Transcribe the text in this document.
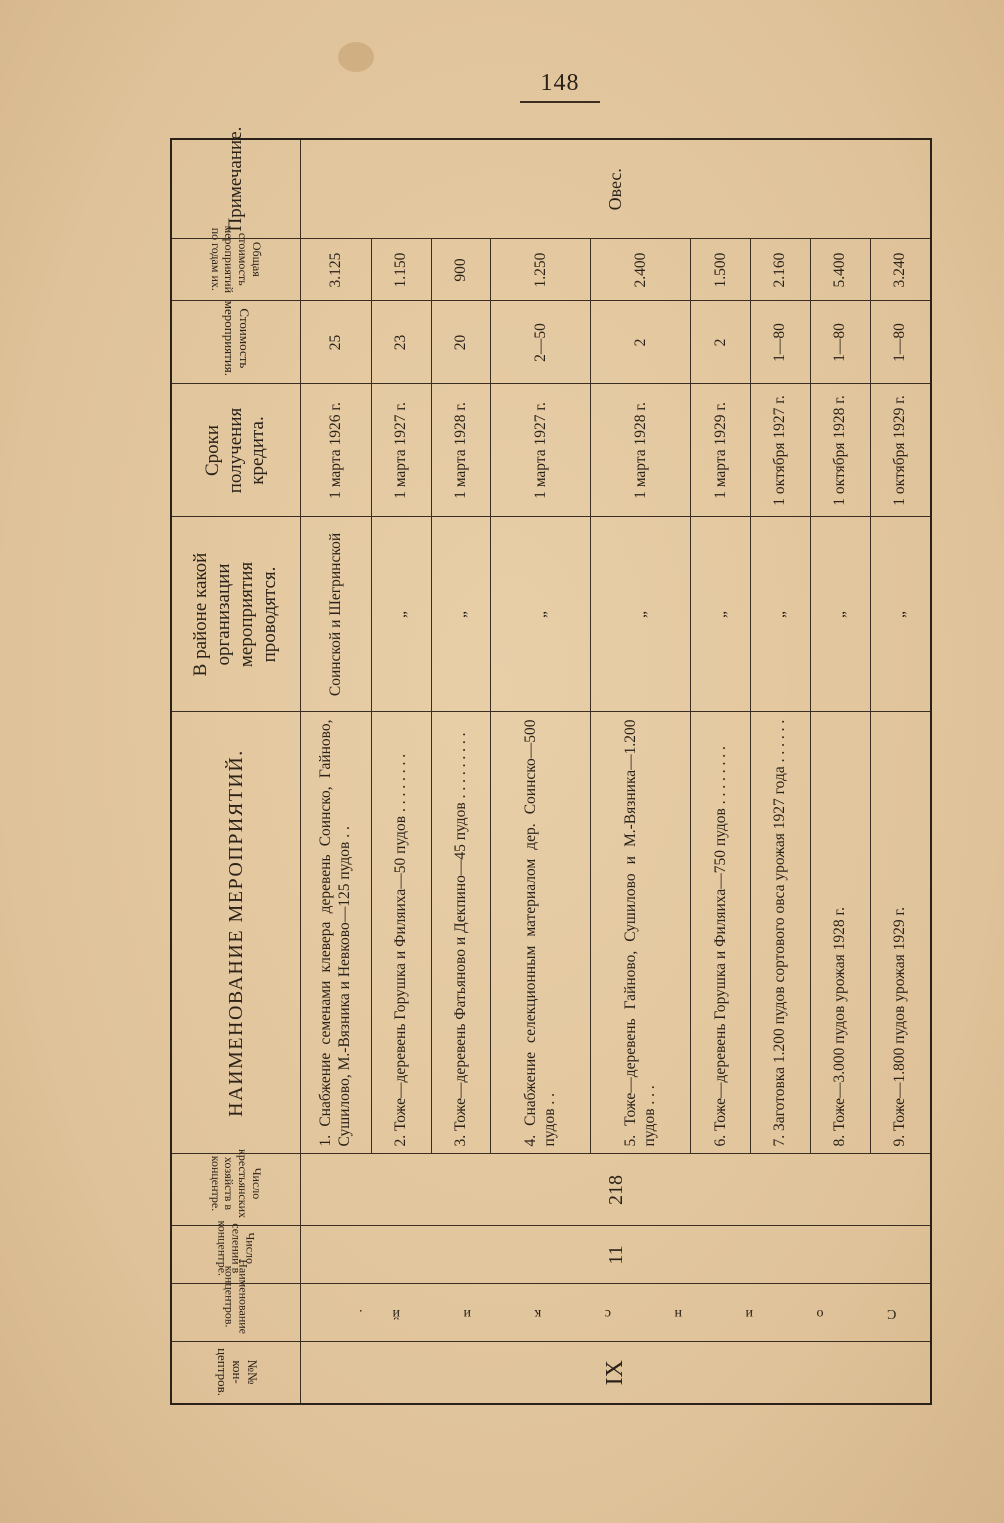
148
№№ кон- цептров.	Наименование концентров.	Число селений в концентре.	Число крестьянских хозяйств в концентре.	НАИМЕНОВАНИЕ МЕРОПРИЯТИЙ.	В районе какой организации мероприятия проводятся.	Сроки получения кредита.	Стоимость мероприятия.	Общая стоимость мероприятий по годам их.	Примечание.
IX	С о и н с к и й.	11	218	1. Снабжение семенами клевера деревень Соинско, Гайново, Сушилово, М.-Вязника и Невково—125 пудов . .	Соинской и Шегринской	1 марта 1926 г.	25	3.125	Овес.
				2. Тоже—деревень Горушка и Филяиха—50 пудов . . . . . . . .	„	1 марта 1927 г.	23	1.150	
				3. Тоже—деревень Фатьяново и Декпино—45 пудов . . . . . . . . .	„	1 марта 1928 г.	20	900	
				4. Снабжение селекционным материалом дер. Соинско—500 пудов . .	„	1 марта 1927 г.	2—50	1.250	
				5. Тоже—деревень Гайново, Сушилово и М.-Вязника—1.200 пудов . . .	„	1 марта 1928 г.	2	2.400	
				6. Тоже—деревень Горушка и Филяиха—750 пудов . . . . . . . .	„	1 марта 1929 г.	2	1.500	
				7. Заготовка 1.200 пудов сортового овса урожая 1927 года . . . . . .	„	1 октября 1927 г.	1—80	2.160	
				8. Тоже—3.000 пудов урожая 1928 г.	„	1 октября 1928 г.	1—80	5.400	
				9. Тоже—1.800 пудов урожая 1929 г.	„	1 октября 1929 г.	1—80	3.240	
